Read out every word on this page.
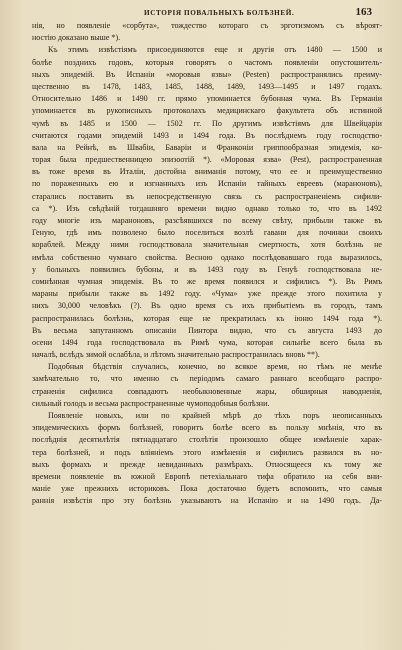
ИСТОРІЯ ПОВАЛЬНЫХЪ БОЛѢЗНЕЙ.	163
нія, но появленіе «сорбута», тождество котораго съ эрготизмомъ съ вѣроят-
ностію доказано выше *).
Къ этимъ извѣстіямъ присоединяются еще и другія отъ 1480 — 1500 и
болѣе позднихъ годовъ, которыя говорятъ о частомъ появленіи опустошитель-
ныхъ эпидемій. Въ Испаніи «моровыя язвы» (Pesten) распространялись преиму-
щественно въ 1478, 1483, 1485, 1488, 1489, 1493—1495 и 1497 годахъ.
Относительно 1486 и 1490 гг. прямо упоминается бубонная чума. Въ Германіи
упоминается въ рукописныхъ протоколахъ медицинскаго факультета объ истинной
чумѣ въ 1485 и 1500 — 1502 гг. По другимъ извѣстіямъ для Швейцаріи
считаются годами эпидемій 1493 и 1494 года. Въ послѣднемъ году господство-
вала на Рейнѣ, въ Швабіи, Баваріи и Франконіи гриппообразная эпидемія, ко-
торая была предшественницею эпизоотій *). «Моровая язва» (Pest), распространенная
въ тоже время въ Италіи, достойна вниманія потому, что ее и преимущественно
по пораженныхъ ею и изгнанныхъ изъ Испаніи тайныхъ евреевъ (мараноновъ),
старались поставить въ непосредственную связь съ распространеніемъ сифили-
са *). Изъ свѣдѣній тогдашняго времени видно однако только то, что въ 1492
году многіе изъ мараноновъ, разсѣявшихся по всему свѣту, прибыли также въ
Геную, гдѣ имъ позволено было поселиться возлѣ гавани для починки своихъ
кораблей. Между ними господствовала значительная смертность, хотя болѣзнь не
имѣла собственно чумнаго свойства. Весною однако послѣдовавшаго года выразилось,
у больныхъ появились бубоны, и въ 1493 году въ Генуѣ господствовала не-
сомнѣнная чумная эпидемія. Въ то же время появился и сифилисъ *). Въ Римъ
мараны прибыли также въ 1492 году. «Чума» уже прежде этого похитила у
нихъ 30,000 человѣкъ (?). Въ одно время съ ихъ прибытіемъ въ городъ, тамъ
распространилась болѣзнь, которая еще не прекратилась къ іюню 1494 года *).
Въ весьма запутанномъ описаніи Пинтора видно, что съ августа 1493 до
осени 1494 года господствовала въ Римѣ чума, которая сильнѣе всего была въ
началѣ, вслѣдъ зимой ослабѣла, и лѣтомъ значительно распространилась вновь **).
Подобныя бѣдствія случались, конечно, во всякое время, но тѣмъ не менѣе
замѣчательно то, что именно съ періодомъ самаго раннаго всеобщаго распро-
страненія сифилиса совпадаютъ необыкновенные жары, обширныя наводненія,
сильный голодъ и весьма распространенные чумоподобныя болѣзни.
Появленіе новыхъ, или по крайней мѣрѣ до тѣхъ поръ неописанныхъ
эпидемическихъ формъ болѣзней, говоритъ болѣе всего въ пользу мнѣнія, что въ
послѣднія десятилѣтія пятнадцатаго столѣтія произошло общее измѣненіе харак-
тера болѣзней, и подъ вліяніемъ этого измѣненія и сифилисъ развился въ но-
выхъ формахъ и прежде невиданныхъ размѣрахъ. Относящееся къ тому же
времени появленіе въ южной Европѣ петехіальнаго тифа обратило на себя вни-
маніе уже прежнихъ историковъ. Пока достаточно будетъ вспомнить, что самыя
раннія извѣстія про эту болѣзнь указываютъ на Испанію и на 1490 годъ. Да-
